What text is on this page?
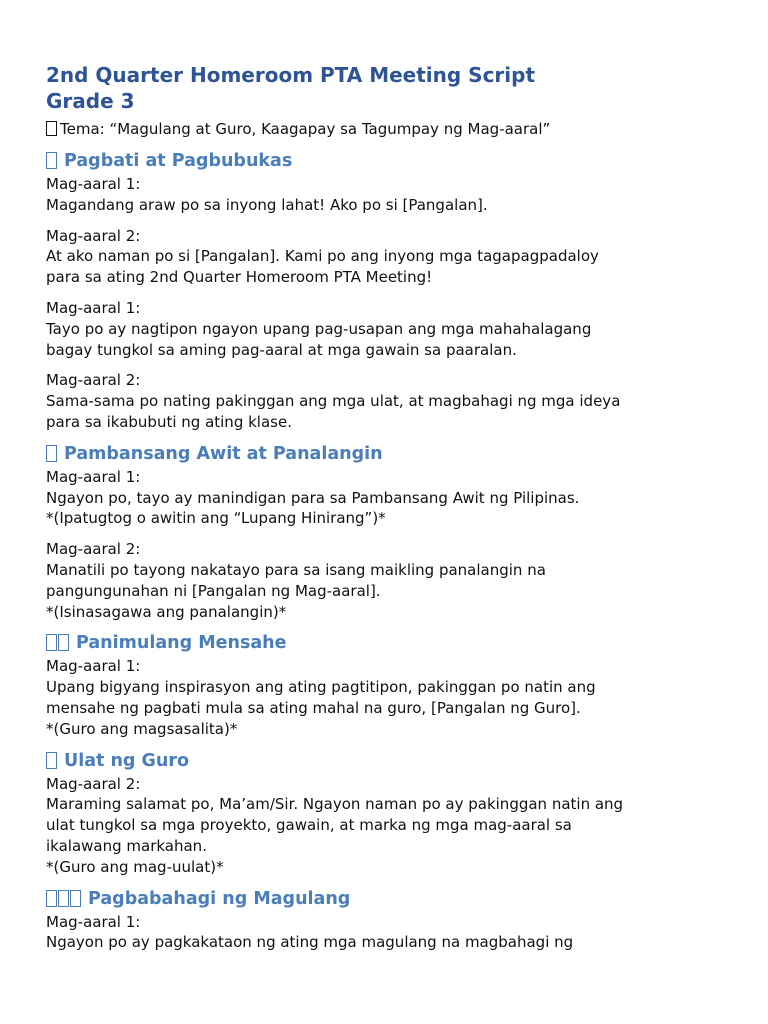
2nd Quarter Homeroom PTA Meeting Script
Grade 3

Tema: “Magulang at Guro, Kaagapay sa Tagumpay ng Mag-aaral”

Pagbati at Pagbubukas

Mag-aaral 1:

Magandang araw po sa inyong lahat! Ako po si [Pangalan].

Mag-aaral 2:

At ako naman po si [Pangalan]. Kami po ang inyong mga tagapagpadaloy

para sa ating 2nd Quarter Homeroom PTA Meeting!

Mag-aaral 1:

Tayo po ay nagtipon ngayon upang pag-usapan ang mga mahahalagang

bagay tungkol sa aming pag-aaral at mga gawain sa paaralan.

Mag-aaral 2:

Sama-sama po nating pakinggan ang mga ulat, at magbahagi ng mga ideya

para sa ikabubuti ng ating klase.

Pambansang Awit at Panalangin

Mag-aaral 1:

Ngayon po, tayo ay manindigan para sa Pambansang Awit ng Pilipinas.

*(Ipatugtog o awitin ang “Lupang Hinirang”)*

Mag-aaral 2:

Manatili po tayong nakatayo para sa isang maikling panalangin na

pangungunahan ni [Pangalan ng Mag-aaral].

*(Isinasagawa ang panalangin)*

Panimulang Mensahe

Mag-aaral 1:

Upang bigyang inspirasyon ang ating pagtitipon, pakinggan po natin ang

mensahe ng pagbati mula sa ating mahal na guro, [Pangalan ng Guro].

*(Guro ang magsasalita)*

Ulat ng Guro

Mag-aaral 2:

Maraming salamat po, Ma’am/Sir. Ngayon naman po ay pakinggan natin ang

ulat tungkol sa mga proyekto, gawain, at marka ng mga mag-aaral sa

ikalawang markahan.

*(Guro ang mag-uulat)*

Pagbabahagi ng Magulang

Mag-aaral 1:

Ngayon po ay pagkakataon ng ating mga magulang na magbahagi ng
